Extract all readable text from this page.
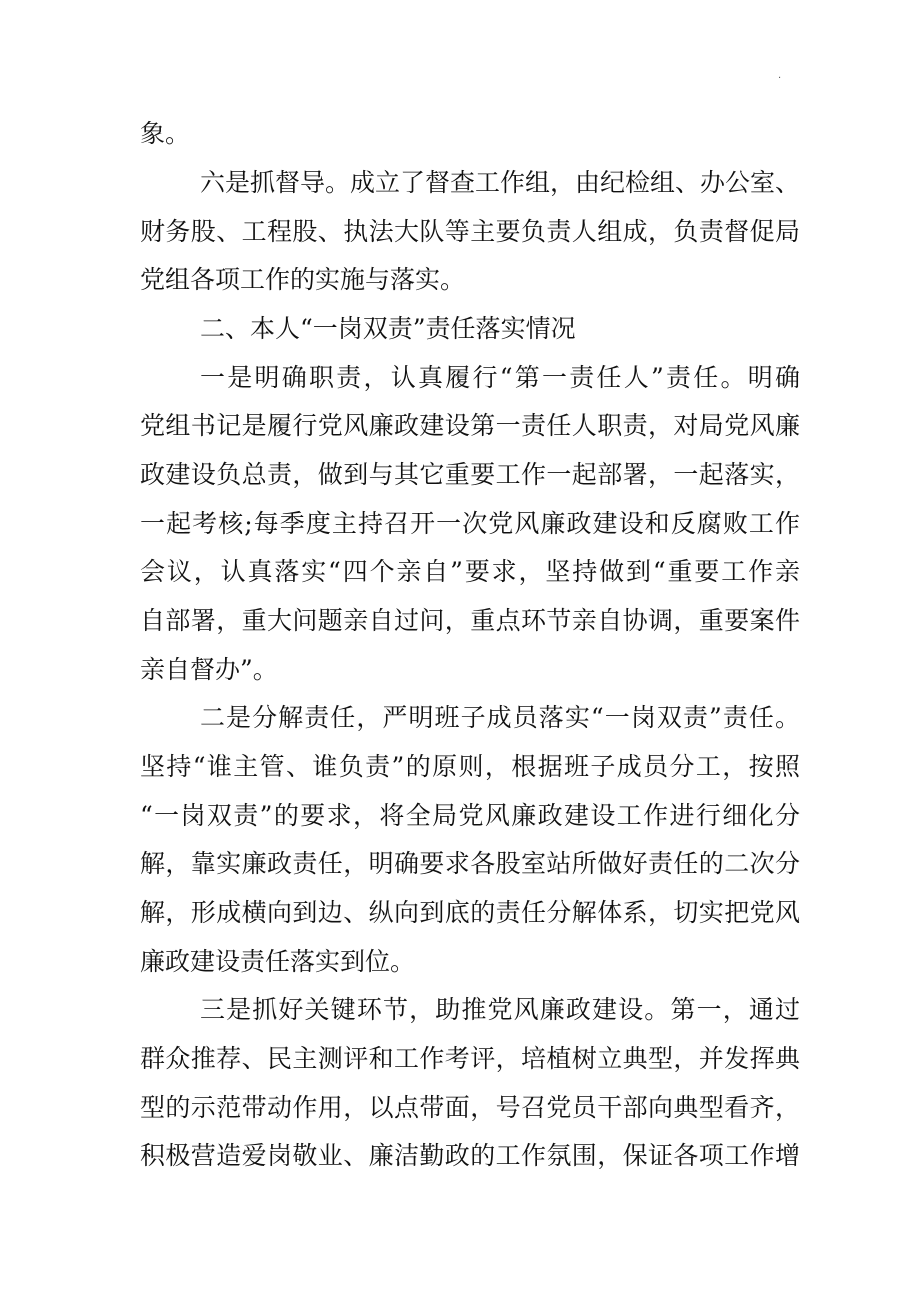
.
象。
六是抓督导。成立了督查工作组，由纪检组、办公室、
财务股、工程股、执法大队等主要负责人组成，负责督促局
党组各项工作的实施与落实。
二、本人“一岗双责”责任落实情况
一是明确职责，认真履行“第一责任人”责任。明确
党组书记是履行党风廉政建设第一责任人职责，对局党风廉
政建设负总责，做到与其它重要工作一起部署，一起落实，
一起考核;每季度主持召开一次党风廉政建设和反腐败工作
会议，认真落实“四个亲自”要求，坚持做到“重要工作亲
自部署，重大问题亲自过问，重点环节亲自协调，重要案件
亲自督办”。
二是分解责任，严明班子成员落实“一岗双责”责任。
坚持“谁主管、谁负责”的原则，根据班子成员分工，按照
“一岗双责”的要求，将全局党风廉政建设工作进行细化分
解，靠实廉政责任，明确要求各股室站所做好责任的二次分
解，形成横向到边、纵向到底的责任分解体系，切实把党风
廉政建设责任落实到位。
三是抓好关键环节，助推党风廉政建设。第一，通过
群众推荐、民主测评和工作考评，培植树立典型，并发挥典
型的示范带动作用，以点带面，号召党员干部向典型看齐，
积极营造爱岗敬业、廉洁勤政的工作氛围，保证各项工作增
